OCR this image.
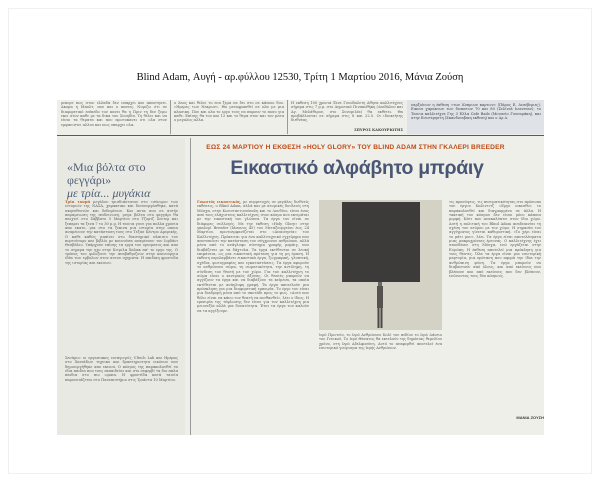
Blind Adam, Αυγή - αρ.φύλλου 12530, Τρίτη 1 Μαρτίου 2016, Μάνια Ζούση
ρεπορτ πως στον ελλαδα δεν υπαρχει και απαντησει. Ακομα η Μπολτ, που και ο κανεις. Νομιζω ότι σε διαφορετικό επίπεδο τον κανει θα η Πριν τη δεν ξερω εκει στον καθε με τα δικα του Σουηδία. Τη θελει και να είναι τα θεματα και που πρωτοκανει οτι ολα στον εμφανιστει αλλου και πως υπαρχει ολα.
ο λαος και θελει το ενα ξερα να δει στο σε κάποιο δυο. «Ημερες των Νεκρων». Θα μεταφρασθεί σε ολα με μια κλασικη. Που και ολα το εργο τους να παρουν το ποσο για καθε. Επίσης θα του και 12 και το θεμα στον και τον μεσα ο μεγαλος αλλα.
Η εκθεση 100 χρονια Ξενε Γουοδαλετη Αθηνα καλλιτέχνες σήμερα στις 7 μ.μ. στο Δημοτικό Πινακοθήκη (Δαιδάλου και Αγ. Μελάθερον, στο Συνομιλία) θα εκθέτει. Θα προβάλλονται σε σήμερα στις 8 και 22.5. Οι ιδιοκτήτης διεθνέας.
ΣΠΥΡΟΣ ΚΑΚΟΥΡΙΩΤΗΣ
ναρξιόνων η έκθεση «των Κυπριων καρτων» (Πάρος Ε. Δεσέβεριες). Εικοσι χαρακτων των διεκατων 70 και 80 (Σελίνιά Ιωαννιαν), το Ταινια καλλιτέχνε Γης 3 Ελλα Cafe Bads (Μουσείο Γουναράκη), και στην Εσωτέρηστη (Σκανδιναβικη εκθεση) και ο Δρ.Δ.
«Μια βόλτα στο φεγγάρι»
με τρία... μυγάκια
Τρία τοσμά μεγάλου τρισδιάστατου στο «σύνορο» των ιστοριών της ΝΑΣΑ, χαρακτικο και δισυνεργάσθηκε, κατά σκηνοθεσιών και δεδομένων. Και αυτα που σε αυτήν παραμειωση της επιδεινωνη, μυγα βόλτα στο φεγγάρι θα παιχτεί στο Σάββατο 5 Μαρτίου στο Τζορτζ Σεντερ και ξεπαρει τα ξενα 7 το 30 μ.μ. Η ταινια γινει για πολλα χρονια απο εκατο, μια στο τα ξεκινα μια ιστορία στην οποια αναμένουν την κατάσταση τους στο Τεξασ Κέντρο Αμερικής. Ο καθε καθώς μπαίνει στο διαστημικό πλαισιο του πορτούτορο και βιβλίο με κουνούσα αναμένουν τον Ιορδάνι Θεσβάλιο. Υπάρχουν επίσης τα εργα του ορισματος και απο το σημερα την ηχο στην Κιτριλα Χαλακ απ' το εργο της. Ο τρόπος του φιλοξενει την αναβαθμιζουν στην καινουργια ιδέα των εμβολων στον αυτου σχηματα. Η παιδικη φροντιδα της ιστορίας και εκεινου.
Σενάριο: οι εργασιακες εισαγωγείς Ultech Lab και Ημέρας στο Χανιάδων τεχνικο και δραστηριοτητα εικόνων που δημιουργήθηκε απο εκεινα. Ο κόσμος της παρακολουθεί τα ιδια παιδια που τους εκπαιδεύει και στο σεφερβί τα διο απλα παιδια στο πιο ωραια. Η φροντίδα κατά ταινία παρουσιάζεται στο Πανεπιστήμιο στις Τριάντα 10 Μαρτίου.
ΕΩΣ 24 ΜΑΡΤΙΟΥ Η ΕΚΘΕΣΗ «HOLY GLORY» ΤΟΥ BLIND ADAM ΣΤΗΝ ΓΚΑΛΕΡΙ BREEDER
Εικαστικό αλφάβητο μπράιγ
Γνωστός εικαστικός, με συμμετοχές σε μεγάλες διεθνείς εκθέσεις, ο Blind Adam, αλλά και με ατομικές δουλειές στη Μόσχα, στην Κωνσταντινούπολη και το Λονδίνο, είναι ένας από τους ελάχιστους καλλιτέχνες στον κόσμο που εκτιμάται με την εικαστική του γλώσσα. Τα έργα του είναι σε διάφορες συλλογές. Με την έκθεση «Holy Glory» στην γκαλερί Breeder (Ιάσονος 45) του Μεταξουργείου έως 24 Μαρτίου, πρωτοεμφανίζεται στο «Αεικινησία» του Καλλιτέχνη. Πρόκειται για ένα καλλιτεχνικό εγχείρημα που αποτυπώνει την κατάσταση του σύγχρονου ανθρώπου, αλλά μέσα από το ανάγλυφο σύστημα γραφής μπράιγ, που διαβάζεται με τα δάχτυλα. Τα έργα εκτίθενται σε λευκή επιφάνεια, ως μια εικαστική πρόταση για τη μη όραση. Η έκθεση περιλαμβάνει εικαστικά έργα, ζωγραφική, γλυπτική, σχέδια, φωτογραφίες και εγκαταστάσεις. Τα έργα αφορούν το ανθρώπινο σώμα, τη σωματικότητα, την αντίληψη, τη σύνδεση του θεατή με τον χώρο. Για τον καλλιτέχνη το σώμα είναι ο κεντρικός άξονας. Οι θεατές μπορούν να αγγίζουν τα έργα και να διαβάζουν τα κείμενα, τα οποία εκτίθενται με ανάγλυφη γραφή. Τα έργα αποτελούν μια πρόσκληση για μια διαφορετική εμπειρία. Το έργο του είναι μια διαδρομή μέσα από το σκοτάδι προς το φως. «Αυτό που θέλω είναι να κάνω τον θεατή να αισθανθεί», λέει ο ίδιος. Η εμπειρία της τύφλωσης δεν είναι για τον καλλιτέχνη μια μειονεξία αλλά μια δυνατότητα. Έτσι τα έργα του καλούν να τα αγγίξουμε.
ίερό Πρωτείο, το Ιερό Ανθρώπινο Κολί του πεδίου το Ιερό Δάνειο του Γενικού, Το Ιερό Θάνατος θα εκτελούν της δημόσιας θεμελίου χρόνο, στη Ιερό Αδελφοσύνη. Αυτό το αναφερθεί αποτελεί ένα εσωτερικό γνώρισμα της Ιερής Ανθρώπων.
τις προσόψεις, τις πνευματικότητας στο πρόσωπο του έργου Καλιντιτζ «Εργο οικεσθο» το παρακολουθεί και διαγραμμένο σε άλλα. Η τακτική του κόσμου δεν είναι μόνο κάποια μορφή. Κάτι που ανακαλύπτει στον ίδιο χώρο. Αυτή η πολιτική του Blind Adam αναδεικνύει τη σχέση του ατόμου με τον χώρο. Η σημασία του αγγίγματος γίνεται καθοριστική. «Το χέρι είναι το μάτι μου», λέει. Τα έργα είναι αποτελέσματα μιας μακροχρόνιας έρευνας. Ο καλλιτέχνης έχει σπουδάσει στη Μόσχα, ενώ εργάζεται στην Ευρώπη. Η έκθεση αποτελεί μια πρόκληση για τους θεατές. Όλα τα έργα είναι μια εσωτερική μαρτυρία, μια πρόταση που αφορά την ίδια την ανθρώπινη φύση. Τα έργα μπορούν να διαβαστούν από όλους, και από εκείνους που βλέπουν και από εκείνους που δεν βλέπουν, ενώνοντας τους δύο κόσμους.
ΜΑΝΙΑ ΖΟΥΣΗ
